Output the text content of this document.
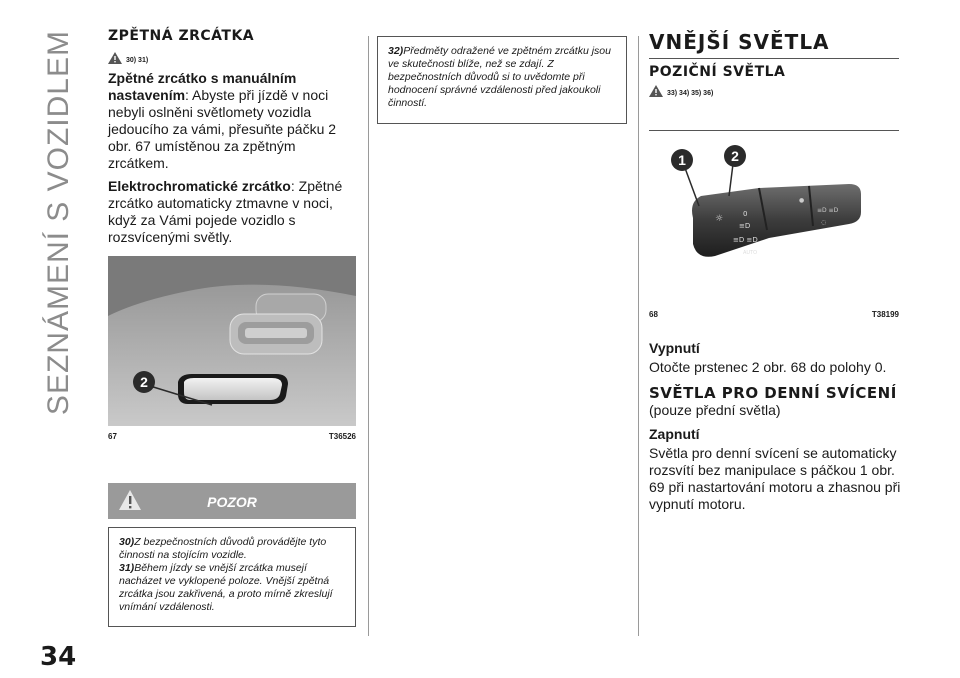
SEZNÁMENÍ S VOZIDLEM
34
ZPĚTNÁ ZRCÁTKA
30) 31)

Zpětné zrcátko s manuálním nastavením: Abyste při jízdě v noci nebyli oslněni světlomety vozidla jedoucího za vámi, přesuňte páčku 2 obr. 67 umístěnou za zpětným zrcátkem.

Elektrochromatické zrcátko: Zpětné zrcátko automaticky ztmavne v noci, když za Vámi pojede vozidlo s rozsvícenými světly.

2
67	T36526
POZOR
30)Z bezpečnostních důvodů provádějte tyto činnosti na stojícím vozidle.
31)Během jízdy se vnější zrcátka musejí nacházet ve vyklopené poloze. Vnější zpětná zrcátka jsou zakřivená, a proto mírně zkreslují vnímání vzdálenosti.
32)Předměty odražené ve zpětném zrcátku jsou ve skutečnosti blíže, než se zdají. Z bezpečnostních důvodů si to uvědomte při hodnocení správné vzdálenosti před jakoukoli činností.
VNĚJŠÍ SVĚTLA
POZIČNÍ SVĚTLA
33) 34) 35) 36)
☼	0
≡D
≡D ≡D
AUTO
●
≡D ≡D
◌
1	2
68	T38199
Vypnutí
Otočte prstenec 2 obr. 68 do polohy 0.
SVĚTLA PRO DENNÍ SVÍCENÍ
(pouze přední světla)
Zapnutí
Světla pro denní svícení se automaticky rozsvítí bez manipulace s páčkou 1 obr. 69 při nastartování motoru a zhasnou při vypnutí motoru.
